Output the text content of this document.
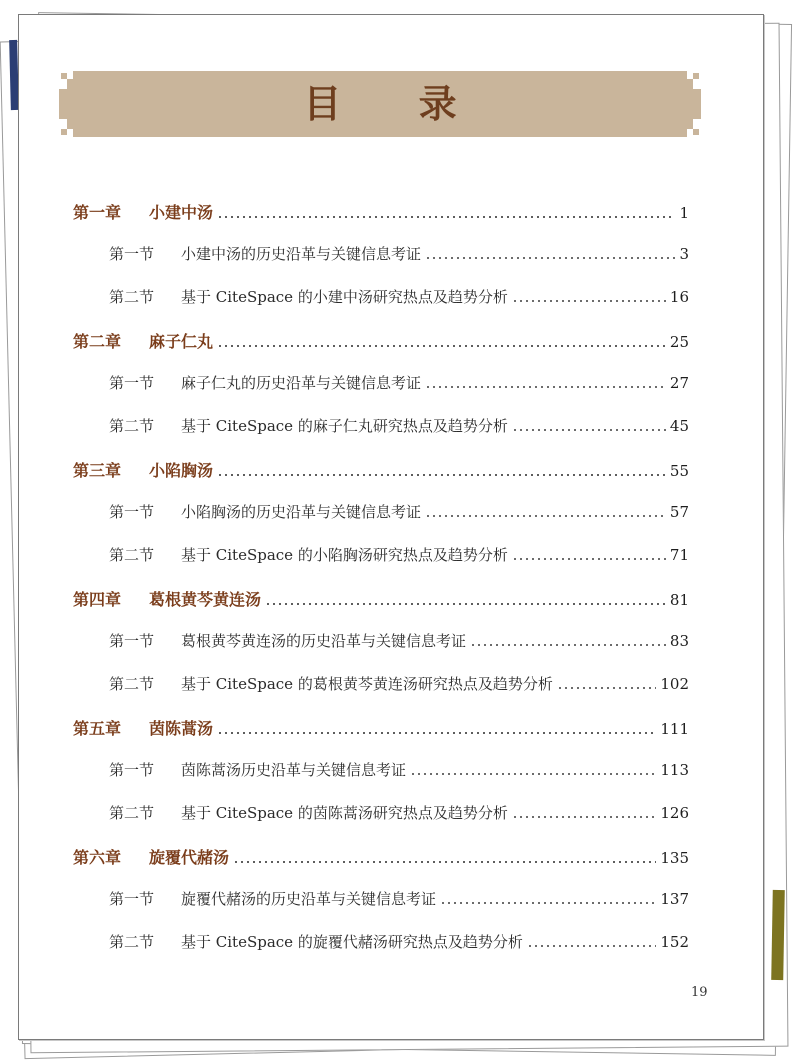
目 录
第一章	小建中汤	1
第一节	小建中汤的历史沿革与关键信息考证	3
第二节	基于 CiteSpace 的小建中汤研究热点及趋势分析	16
第二章	麻子仁丸	25
第一节	麻子仁丸的历史沿革与关键信息考证	27
第二节	基于 CiteSpace 的麻子仁丸研究热点及趋势分析	45
第三章	小陷胸汤	55
第一节	小陷胸汤的历史沿革与关键信息考证	57
第二节	基于 CiteSpace 的小陷胸汤研究热点及趋势分析	71
第四章	葛根黄芩黄连汤	81
第一节	葛根黄芩黄连汤的历史沿革与关键信息考证	83
第二节	基于 CiteSpace 的葛根黄芩黄连汤研究热点及趋势分析	102
第五章	茵陈蒿汤	111
第一节	茵陈蒿汤历史沿革与关键信息考证	113
第二节	基于 CiteSpace 的茵陈蒿汤研究热点及趋势分析	126
第六章	旋覆代赭汤	135
第一节	旋覆代赭汤的历史沿革与关键信息考证	137
第二节	基于 CiteSpace 的旋覆代赭汤研究热点及趋势分析	152
19
